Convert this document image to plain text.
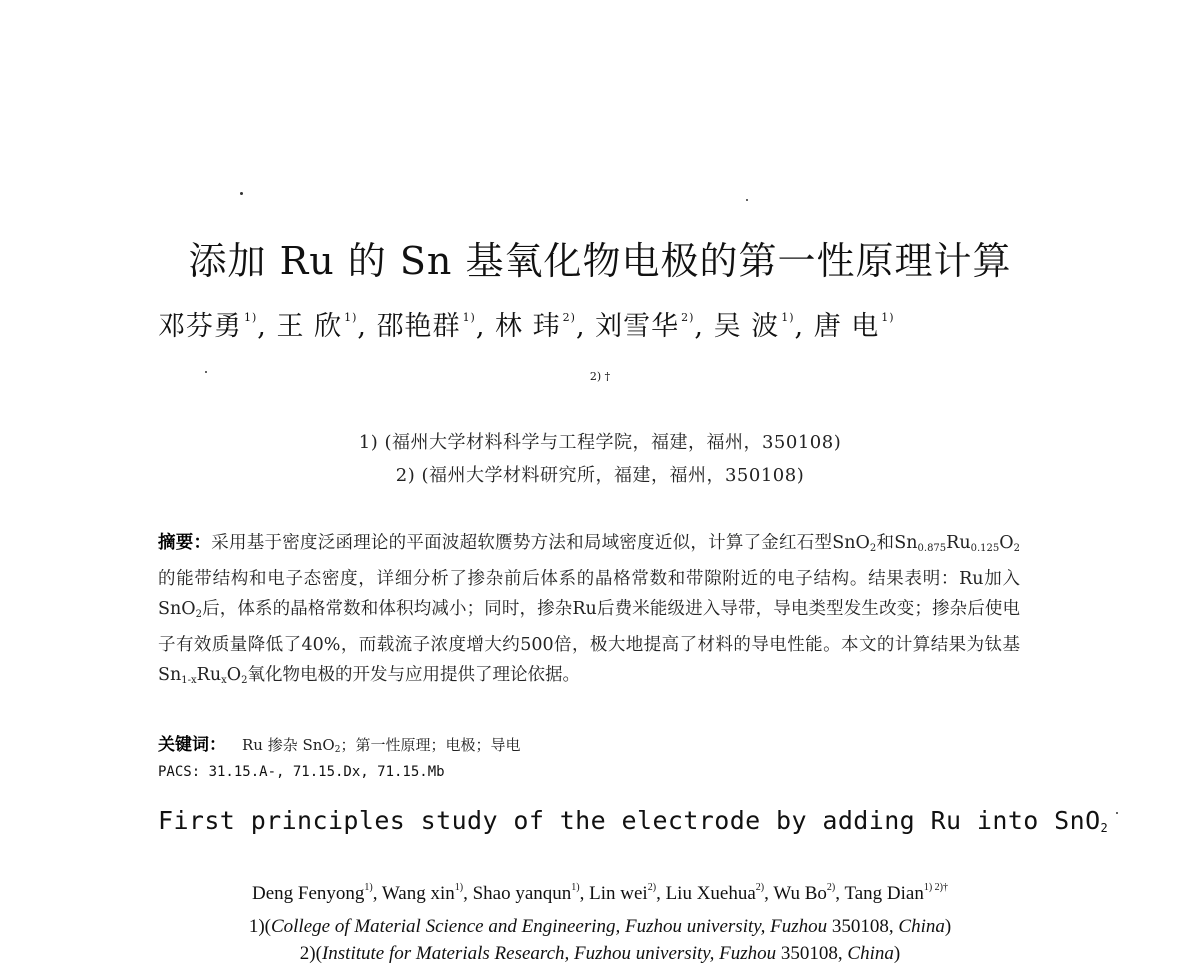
添加 Ru 的 Sn 基氧化物电极的第一性原理计算
邓芬勇 $^{1)}$, 王 欣 $^{1)}$, 邵艳群 $^{1)}$, 林 玮 $^{2)}$, 刘雪华 $^{2)}$, 吴 波 $^{1)}$, 唐 电 $^{1)}$
2) †
1) (福州大学材料科学与工程学院，福建，福州，350108)
2) (福州大学材料研究所，福建，福州，350108)
摘要：采用基于密度泛函理论的平面波超软赝势方法和局域密度近似，计算了金红石型SnO$_2$和$Sn_{0.875}Ru_{0.125}O_2$的能带结构和电子态密度，详细分析了掺杂前后体系的晶格常数和带隙附近的电子结构。结果表明：Ru加入SnO$_2$后，体系的晶格常数和体积均减小；同时，掺杂Ru后费米能级进入导带，导电类型发生改变；掺杂后使电子有效质量降低了40%，而载流子浓度增大约500倍，极大地提高了材料的导电性能。本文的计算结果为钛基$Sn_{1-x}Ru_xO_2$氧化物电极的开发与应用提供了理论依据。
关键词： Ru 掺杂 SnO$_2$；第一性原理；电极；导电
PACS: 31.15.A-, 71.15.Dx, 71.15.Mb
First principles study of the electrode by adding Ru into SnO$_2$
Deng Fenyong$^{1)}$, Wang xin$^{1)}$, Shao yanqun$^{1)}$, Lin wei$^{2)}$, Liu Xuehua$^{2)}$, Wu Bo$^{2)}$, Tang Dian$^{1) 2)\dagger}$
1)(College of Material Science and Engineering, Fuzhou university, Fuzhou 350108, China)
2)(Institute for Materials Research, Fuzhou university, Fuzhou 350108, China)
